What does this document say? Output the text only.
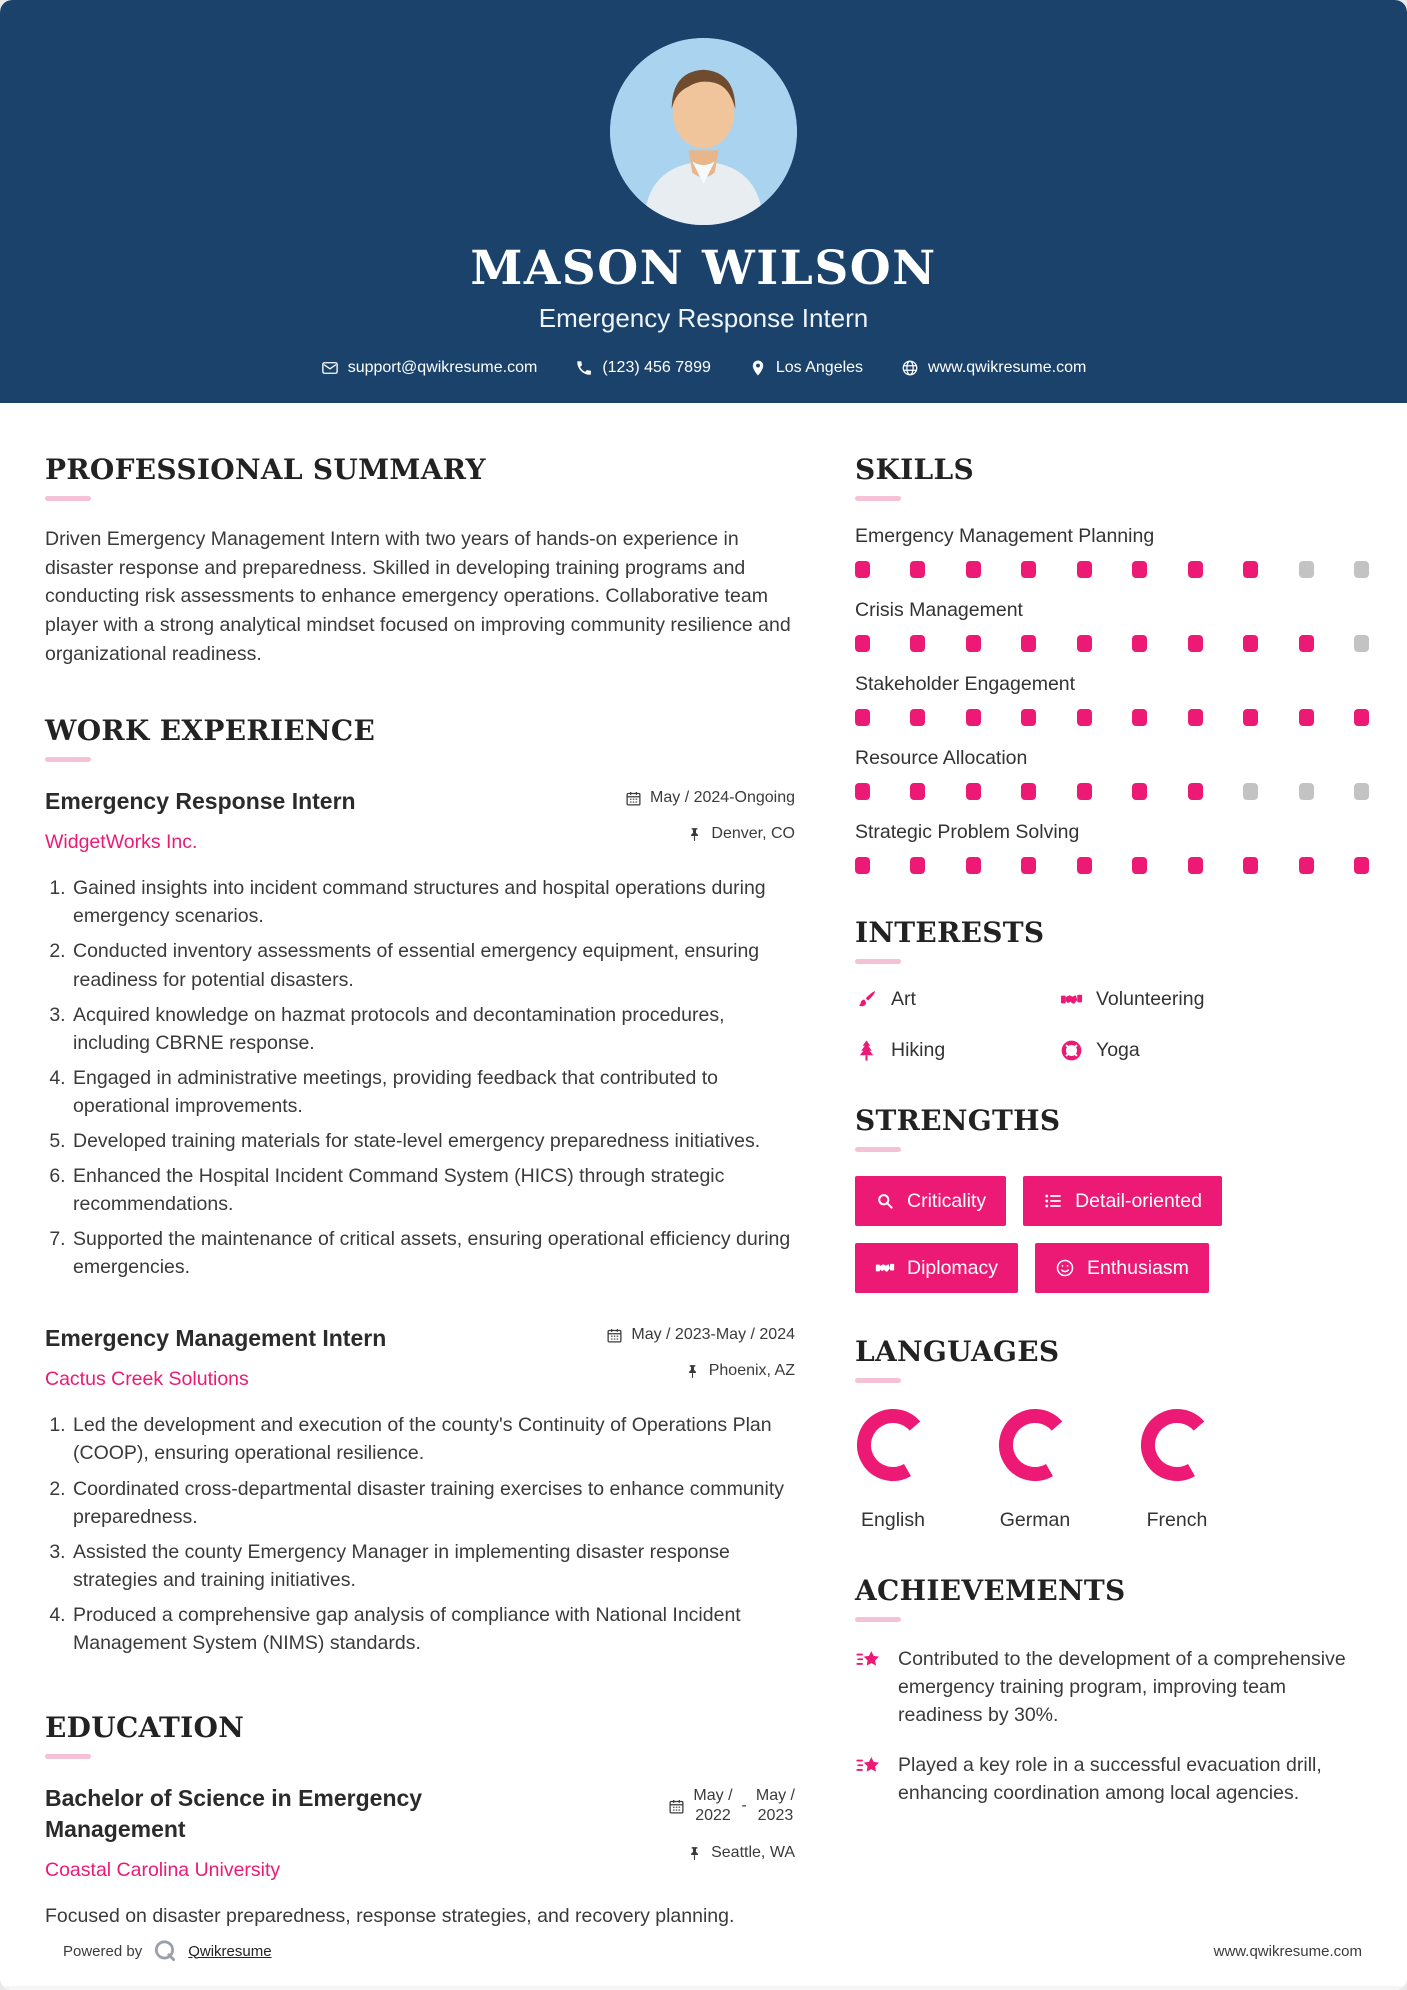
MASON WILSON
Emergency Response Intern
support@qwikresume.com	(123) 456 7899	Los Angeles	www.qwikresume.com
PROFESSIONAL SUMMARY

Driven Emergency Management Intern with two years of hands-on experience in disaster response and preparedness. Skilled in developing training programs and conducting risk assessments to enhance emergency operations. Collaborative team player with a strong analytical mindset focused on improving community resilience and organizational readiness.

WORK EXPERIENCE
Emergency Response Intern
WidgetWorks Inc.
May / 2024-Ongoing
Denver, CO
1. Gained insights into incident command structures and hospital operations during emergency scenarios.
2. Conducted inventory assessments of essential emergency equipment, ensuring readiness for potential disasters.
3. Acquired knowledge on hazmat protocols and decontamination procedures, including CBRNE response.
4. Engaged in administrative meetings, providing feedback that contributed to operational improvements.
5. Developed training materials for state-level emergency preparedness initiatives.
6. Enhanced the Hospital Incident Command System (HICS) through strategic recommendations.
7. Supported the maintenance of critical assets, ensuring operational efficiency during emergencies.
Emergency Management Intern
Cactus Creek Solutions
May / 2023-May / 2024
Phoenix, AZ
1. Led the development and execution of the county's Continuity of Operations Plan (COOP), ensuring operational resilience.
2. Coordinated cross-departmental disaster training exercises to enhance community preparedness.
3. Assisted the county Emergency Manager in implementing disaster response strategies and training initiatives.
4. Produced a comprehensive gap analysis of compliance with National Incident Management System (NIMS) standards.
EDUCATION
Bachelor of Science in Emergency Management
Coastal Carolina University
May /
2022
-
May /
2023
Seattle, WA

Focused on disaster preparedness, response strategies, and recovery planning.

SKILLS
Emergency Management Planning
Crisis Management
Stakeholder Engagement
Resource Allocation
Strategic Problem Solving
INTERESTS
Art	Volunteering
Hiking	Yoga
STRENGTHS
Criticality	Detail-oriented
Diplomacy	Enthusiasm
LANGUAGES
English	German	French
ACHIEVEMENTS
Contributed to the development of a comprehensive emergency training program, improving team readiness by 30%.
Played a key role in a successful evacuation drill, enhancing coordination among local agencies.
Powered by	Qwikresume	www.qwikresume.com
